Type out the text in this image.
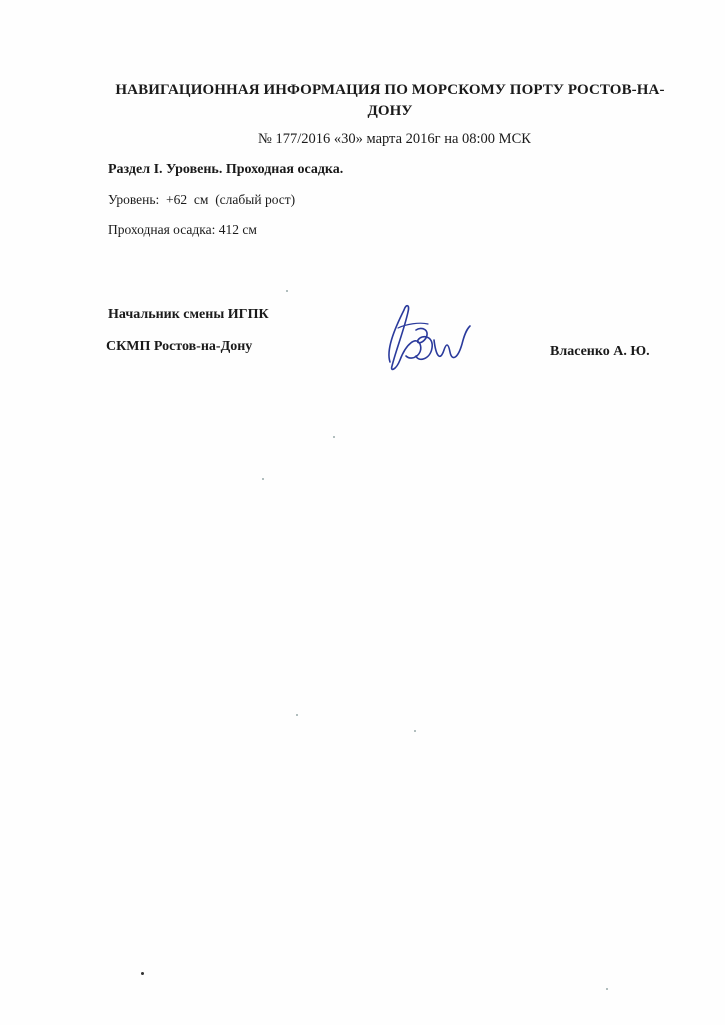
НАВИГАЦИОННАЯ ИНФОРМАЦИЯ ПО МОРСКОМУ ПОРТУ РОСТОВ-НА-ДОНУ
№ 177/2016 «30» марта 2016г на 08:00 МСК
Раздел I. Уровень. Проходная осадка.
Уровень:  +62  см  (слабый рост)
Проходная осадка: 412 см
Начальник смены ИГПК
СКМП Ростов-на-Дону	Власенко А. Ю.
